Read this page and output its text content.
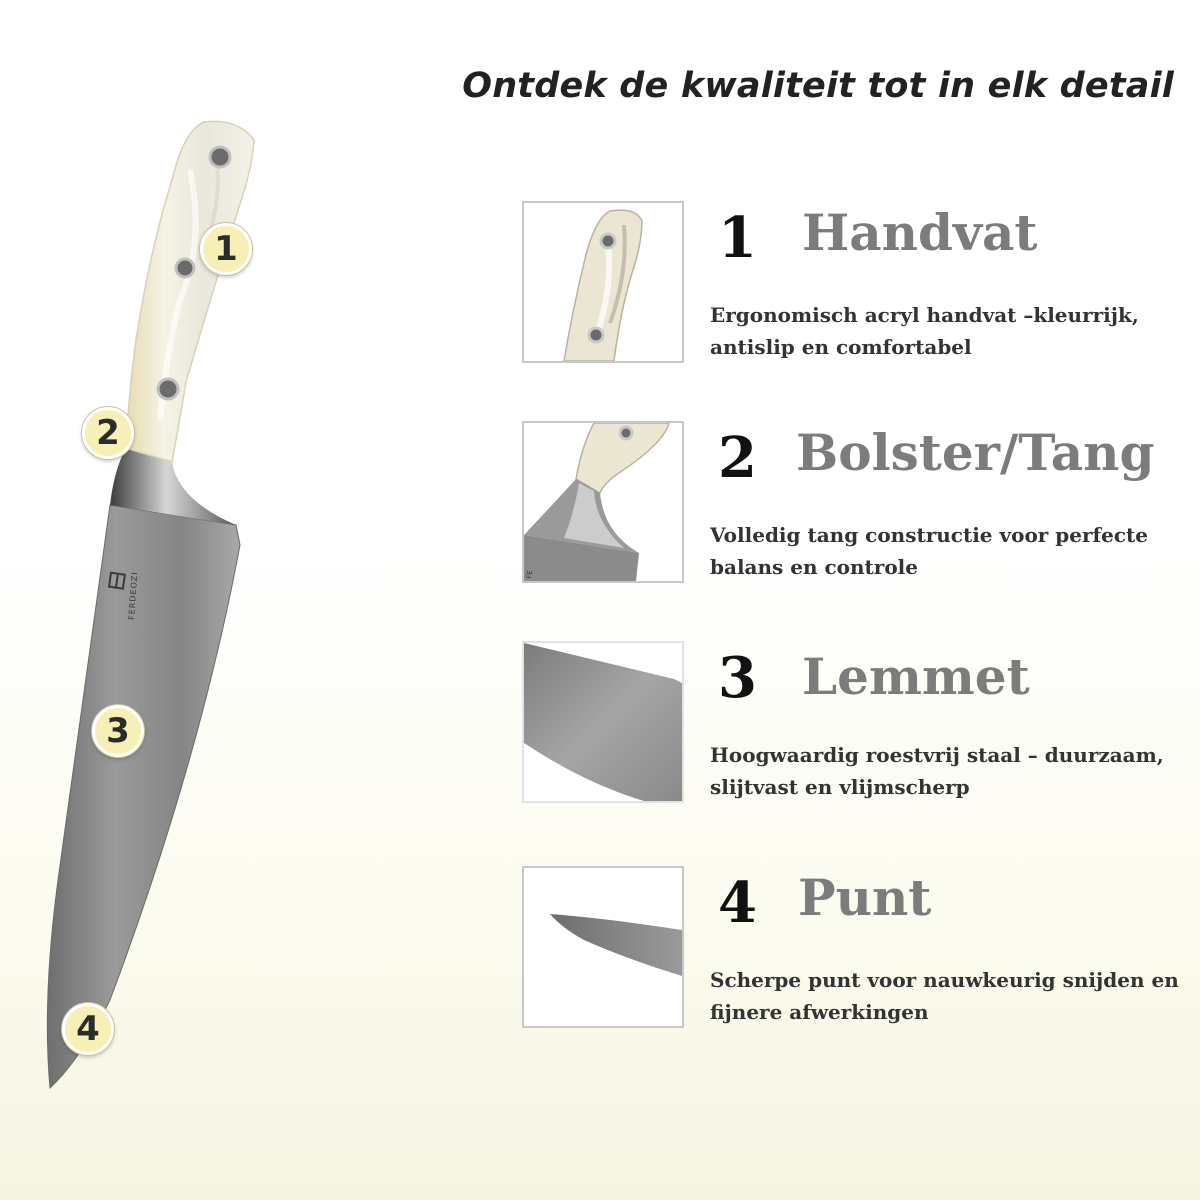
Ontdek de kwaliteit tot in elk detail
FERDEOZI
1
2
3
4
1 Handvat
Ergonomisch acryl handvat –kleurrijk, antislip en comfortabel
FE
2 Bolster/Tang
Volledig tang constructie voor perfecte balans en controle
3 Lemmet
Hoogwaardig roestvrij staal – duurzaam, slijtvast en vlijmscherp
4 Punt
Scherpe punt voor nauwkeurig snijden en fijnere afwerkingen
